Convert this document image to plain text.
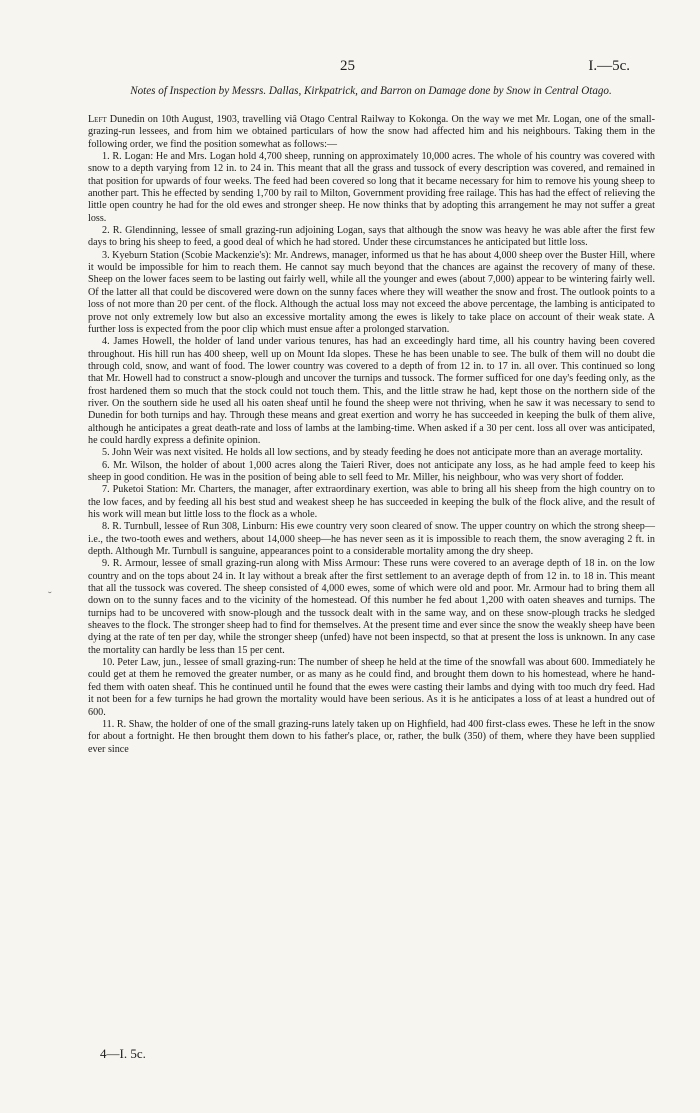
25	I.—5c.
Notes of Inspection by Messrs. Dallas, Kirkpatrick, and Barron on Damage done by Snow in Central Otago.

Left Dunedin on 10th August, 1903, travelling viâ Otago Central Railway to Kokonga. On the way we met Mr. Logan, one of the small-grazing-run lessees, and from him we obtained particulars of how the snow had affected him and his neighbours. Taking them in the following order, we find the position somewhat as follows:—

1. R. Logan: He and Mrs. Logan hold 4,700 sheep, running on approximately 10,000 acres. The whole of his country was covered with snow to a depth varying from 12 in. to 24 in. This meant that all the grass and tussock of every description was covered, and remained in that position for upwards of four weeks. The feed had been covered so long that it became necessary for him to remove his young sheep to another part. This he effected by sending 1,700 by rail to Milton, Government providing free railage. This has had the effect of relieving the little open country he had for the old ewes and stronger sheep. He now thinks that by adopting this arrangement he may not suffer a great loss.

2. R. Glendinning, lessee of small grazing-run adjoining Logan, says that although the snow was heavy he was able after the first few days to bring his sheep to feed, a good deal of which he had stored. Under these circumstances he anticipated but little loss.

3. Kyeburn Station (Scobie Mackenzie's): Mr. Andrews, manager, informed us that he has about 4,000 sheep over the Buster Hill, where it would be impossible for him to reach them. He cannot say much beyond that the chances are against the recovery of many of these. Sheep on the lower faces seem to be lasting out fairly well, while all the younger and ewes (about 7,000) appear to be wintering fairly well. Of the latter all that could be discovered were down on the sunny faces where they will weather the snow and frost. The outlook points to a loss of not more than 20 per cent. of the flock. Although the actual loss may not exceed the above percentage, the lambing is anticipated to prove not only extremely low but also an excessive mortality among the ewes is likely to take place on account of their weak state. A further loss is expected from the poor clip which must ensue after a prolonged starvation.

4. James Howell, the holder of land under various tenures, has had an exceedingly hard time, all his country having been covered throughout. His hill run has 400 sheep, well up on Mount Ida slopes. These he has been unable to see. The bulk of them will no doubt die through cold, snow, and want of food. The lower country was covered to a depth of from 12 in. to 17 in. all over. This continued so long that Mr. Howell had to construct a snow-plough and uncover the turnips and tussock. The former sufficed for one day's feeding only, as the frost hardened them so much that the stock could not touch them. This, and the little straw he had, kept those on the northern side of the river. On the southern side he used all his oaten sheaf until he found the sheep were not thriving, when he saw it was necessary to send to Dunedin for both turnips and hay. Through these means and great exertion and worry he has succeeded in keeping the bulk of them alive, although he anticipates a great death-rate and loss of lambs at the lambing-time. When asked if a 30 per cent. loss all over was anticipated, he could hardly express a definite opinion.

5. John Weir was next visited. He holds all low sections, and by steady feeding he does not anticipate more than an average mortality.

6. Mr. Wilson, the holder of about 1,000 acres along the Taieri River, does not anticipate any loss, as he had ample feed to keep his sheep in good condition. He was in the position of being able to sell feed to Mr. Miller, his neighbour, who was very short of fodder.

7. Puketoi Station: Mr. Charters, the manager, after extraordinary exertion, was able to bring all his sheep from the high country on to the low faces, and by feeding all his best stud and weakest sheep he has succeeded in keeping the bulk of the flock alive, and the result of his work will mean but little loss to the flock as a whole.

8. R. Turnbull, lessee of Run 308, Linburn: His ewe country very soon cleared of snow. The upper country on which the strong sheep—i.e., the two-tooth ewes and wethers, about 14,000 sheep—he has never seen as it is impossible to reach them, the snow averaging 2 ft. in depth. Although Mr. Turnbull is sanguine, appearances point to a considerable mortality among the dry sheep.

9. R. Armour, lessee of small grazing-run along with Miss Armour: These runs were covered to an average depth of 18 in. on the low country and on the tops about 24 in. It lay without a break after the first settlement to an average depth of from 12 in. to 18 in. This meant that all the tussock was covered. The sheep consisted of 4,000 ewes, some of which were old and poor. Mr. Armour had to bring them all down on to the sunny faces and to the vicinity of the homestead. Of this number he fed about 1,200 with oaten sheaves and turnips. The turnips had to be uncovered with snow-plough and the tussock dealt with in the same way, and on these snow-plough tracks he sledged sheaves to the flock. The stronger sheep had to find for themselves. At the present time and ever since the snow the weakly sheep have been dying at the rate of ten per day, while the stronger sheep (unfed) have not been inspectd, so that at present the loss is unknown. In any case the mortality can hardly be less than 15 per cent.

10. Peter Law, jun., lessee of small grazing-run: The number of sheep he held at the time of the snowfall was about 600. Immediately he could get at them he removed the greater number, or as many as he could find, and brought them down to his homestead, where he hand-fed them with oaten sheaf. This he continued until he found that the ewes were casting their lambs and dying with too much dry feed. Had it not been for a few turnips he had grown the mortality would have been serious. As it is he anticipates a loss of at least a hundred out of 600.

11. R. Shaw, the holder of one of the small grazing-runs lately taken up on Highfield, had 400 first-class ewes. These he left in the snow for about a fortnight. He then brought them down to his father's place, or, rather, the bulk (350) of them, where they have been supplied ever since

4—I. 5c.
˘
